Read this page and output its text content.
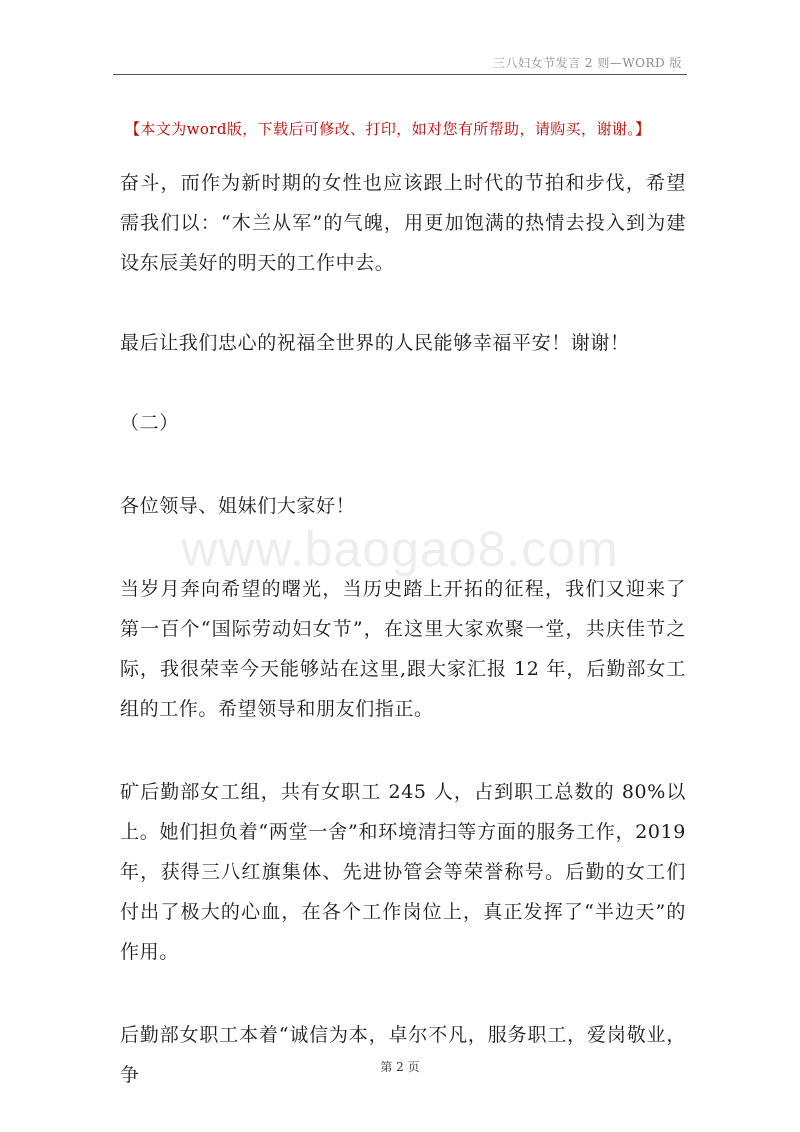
三八妇女节发言 2 则—WORD 版
【本文为word版，下载后可修改、打印，如对您有所帮助，请购买，谢谢。】

奋斗，而作为新时期的女性也应该跟上时代的节拍和步伐，希望需我们以：“木兰从军”的气魄，用更加饱满的热情去投入到为建设东辰美好的明天的工作中去。

最后让我们忠心的祝福全世界的人民能够幸福平安！谢谢！

（二）

各位领导、姐妹们大家好！

当岁月奔向希望的曙光，当历史踏上开拓的征程，我们又迎来了第一百个“国际劳动妇女节”，在这里大家欢聚一堂，共庆佳节之际，我很荣幸今天能够站在这里,跟大家汇报 12 年，后勤部女工组的工作。希望领导和朋友们指正。

矿后勤部女工组，共有女职工 245 人，占到职工总数的 80%以上。她们担负着“两堂一舍”和环境清扫等方面的服务工作，2019 年，获得三八红旗集体、先进协管会等荣誉称号。后勤的女工们付出了极大的心血，在各个工作岗位上，真正发挥了“半边天”的作用。

后勤部女职工本着“诚信为本，卓尔不凡，服务职工，爱岗敬业，争

www.baogao8.com
第 2 页
